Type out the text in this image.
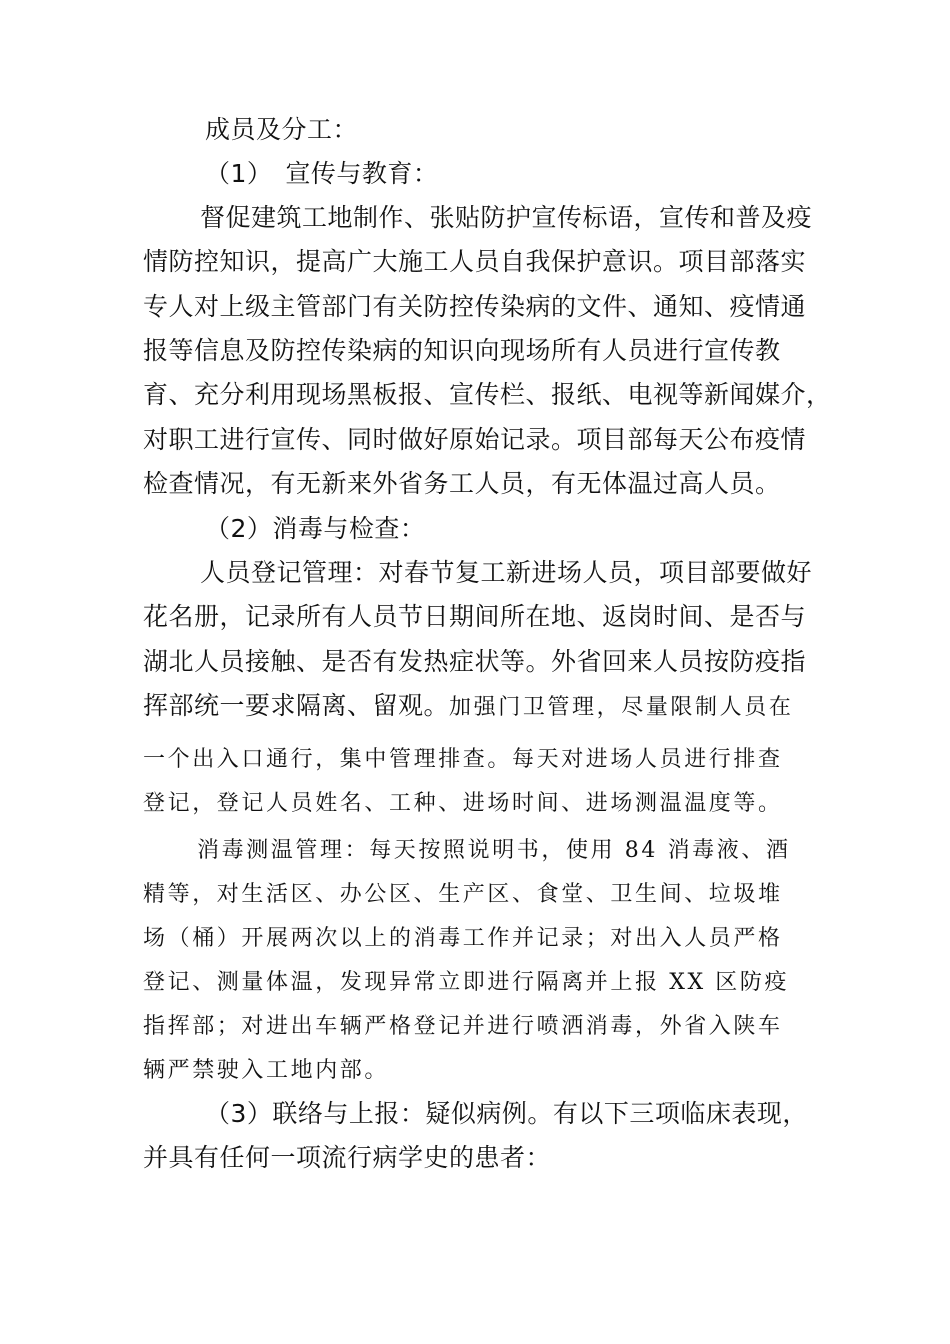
成员及分工：
（1）　宣传与教育：
督促建筑工地制作、张贴防护宣传标语，宣传和普及疫
情防控知识，提高广大施工人员自我保护意识。项目部落实
专人对上级主管部门有关防控传染病的文件、通知、疫情通
报等信息及防控传染病的知识向现场所有人员进行宣传教
育、充分利用现场黑板报、宣传栏、报纸、电视等新闻媒介，
对职工进行宣传、同时做好原始记录。项目部每天公布疫情
检查情况，有无新来外省务工人员，有无体温过高人员。
（2）消毒与检查：
人员登记管理：对春节复工新进场人员，项目部要做好
花名册，记录所有人员节日期间所在地、返岗时间、是否与
湖北人员接触、是否有发热症状等。外省回来人员按防疫指
挥部统一要求隔离、留观。加强门卫管理，尽量限制人员在
一个出入口通行，集中管理排查。每天对进场人员进行排查
登记，登记人员姓名、工种、进场时间、进场测温温度等。
消毒测温管理：每天按照说明书，使用 84 消毒液、酒
精等，对生活区、办公区、生产区、食堂、卫生间、垃圾堆
场（桶）开展两次以上的消毒工作并记录；对出入人员严格
登记、测量体温，发现异常立即进行隔离并上报 XX 区防疫
指挥部；对进出车辆严格登记并进行喷洒消毒，外省入陕车
辆严禁驶入工地内部。
（3）联络与上报：疑似病例。有以下三项临床表现，
并具有任何一项流行病学史的患者：
